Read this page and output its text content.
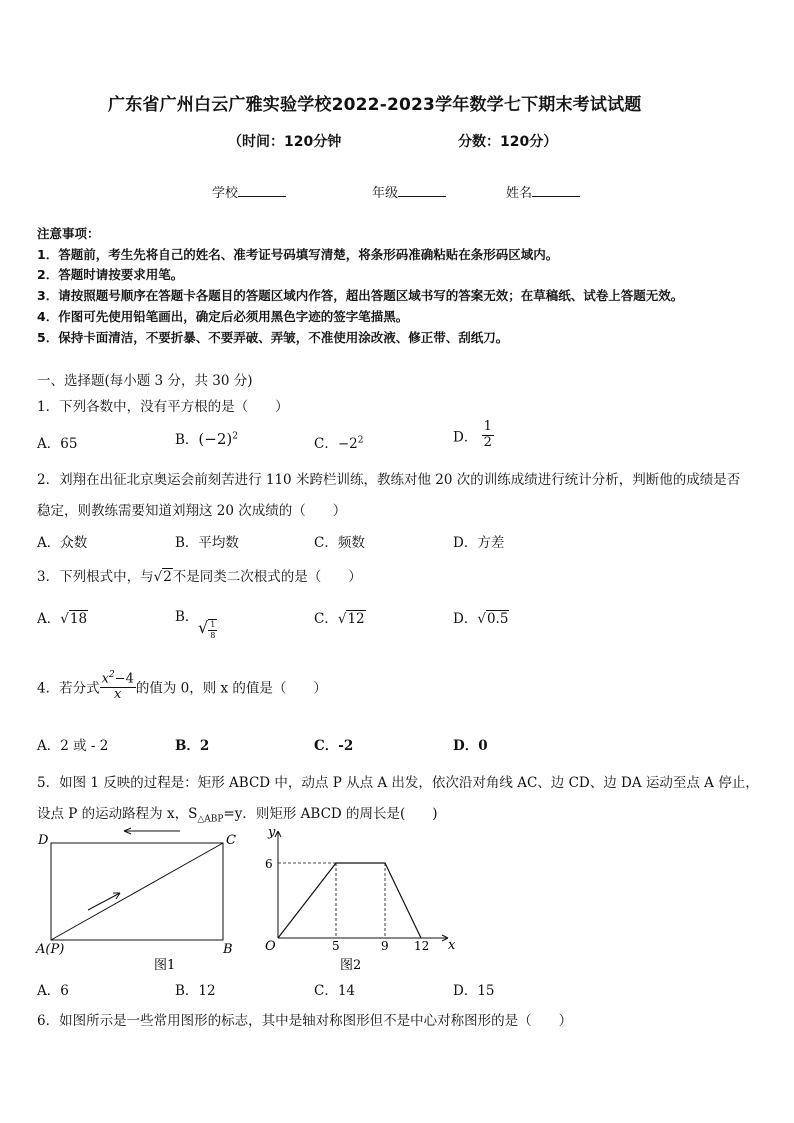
广东省广州白云广雅实验学校2022-2023学年数学七下期末考试试题
（时间：120分钟	分数：120分）
学校	年级	姓名
注意事项：
1．答题前，考生先将自己的姓名、准考证号码填写清楚，将条形码准确粘贴在条形码区域内。
2．答题时请按要求用笔。
3．请按照题号顺序在答题卡各题目的答题区域内作答，超出答题区域书写的答案无效；在草稿纸、试卷上答题无效。
4．作图可先使用铅笔画出，确定后必须用黑色字迹的签字笔描黑。
5．保持卡面清洁，不要折暴、不要弄破、弄皱，不准使用涂改液、修正带、刮纸刀。
一、选择题(每小题 3 分，共 30 分)
1．下列各数中，没有平方根的是（　　）
A．65	B．$(-2)^2$	C．$-2^2$	D． $\frac{1}{2}$
2．刘翔在出征北京奥运会前刻苦进行 110 米跨栏训练，教练对他 20 次的训练成绩进行统计分析，判断他的成绩是否
稳定，则教练需要知道刘翔这 20 次成绩的（　　）
A．众数	B．平均数	C．频数	D．方差
3．下列根式中，与√2不是同类二次根式的是（　　）
A．√18	B．
√ $\frac{1}{8}$
C．√12	D．√0.5
4．若分式 $\frac{x^2-4}{x}$ 的值为 0，则 x 的值是（　　）
A．2 或 - 2	B．2	C．-2	D．0
5．如图 1 反映的过程是：矩形 ABCD 中，动点 P 从点 A 出发，依次沿对角线 AC、边 CD、边 DA 运动至点 A 停止，
设点 P 的运动路程为 x，$S_{\triangle ABP}=y$．则矩形 ABCD 的周长是(　　)
D	C
A(P)	B
图1
y
x
O
6
5	9 12
图2
A．6	B．12	C．14	D．15
6．如图所示是一些常用图形的标志，其中是轴对称图形但不是中心对称图形的是（　　）
